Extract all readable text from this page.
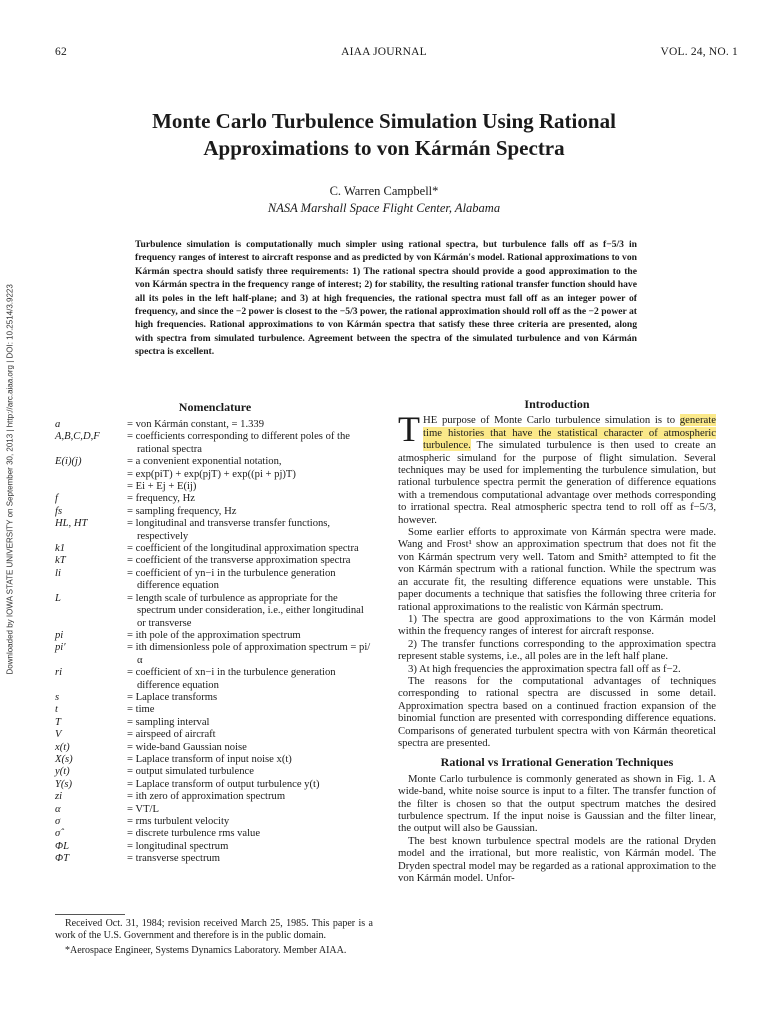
62	AIAA JOURNAL	VOL. 24, NO. 1
Monte Carlo Turbulence Simulation Using Rational
Approximations to von Kármán Spectra
C. Warren Campbell*
NASA Marshall Space Flight Center, Alabama
Turbulence simulation is computationally much simpler using rational spectra, but turbulence falls off as f−5/3 in frequency ranges of interest to aircraft response and as predicted by von Kármán's model. Rational approximations to von Kármán spectra should satisfy three requirements: 1) The rational spectra should provide a good approximation to the von Kármán spectra in the frequency range of interest; 2) for stability, the resulting rational transfer function should have all its poles in the left half-plane; and 3) at high frequencies, the rational spectra must fall off as an integer power of frequency, and since the −2 power is closest to the −5/3 power, the rational approximation should roll off as the −2 power at high frequencies. Rational approximations to von Kármán spectra that satisfy these three criteria are presented, along with spectra from simulated turbulence. Agreement between the spectra of the simulated turbulence and von Kármán spectra is excellent.
Downloaded by IOWA STATE UNIVERSITY on September 30, 2013 | http://arc.aiaa.org | DOI: 10.2514/3.9223	Nomenclature
a	= von Kármán constant, = 1.339
A,B,C,D,F	= coefficients corresponding to different poles of the rational spectra
E(i)(j)	= a convenient exponential notation,
= exp(piT) + exp(pjT) + exp((pi + pj)T)
= Ei + Ej + E(ij)
f	= frequency, Hz
fs	= sampling frequency, Hz
HL, HT	= longitudinal and transverse transfer functions, respectively
k1	= coefficient of the longitudinal approximation spectra
kT	= coefficient of the transverse approximation spectra
li	= coefficient of yn−i in the turbulence generation difference equation
L	= length scale of turbulence as appropriate for the spectrum under consideration, i.e., either longitudinal or transverse
pi	= ith pole of the approximation spectrum
pi′	= ith dimensionless pole of approximation spectrum = pi/α
ri	= coefficient of xn−i in the turbulence generation difference equation
s	= Laplace transforms
t	= time
T	= sampling interval
V	= airspeed of aircraft
x(t)	= wide-band Gaussian noise
X(s)	= Laplace transform of input noise x(t)
y(t)	= output simulated turbulence
Y(s)	= Laplace transform of output turbulence y(t)
zi	= ith zero of approximation spectrum
α	= VT/L
σ	= rms turbulent velocity
σ̂	= discrete turbulence rms value
ΦL	= longitudinal spectrum
ΦT	= transverse spectrum

Received Oct. 31, 1984; revision received March 25, 1985. This paper is a work of the U.S. Government and therefore is in the public domain.

*Aerospace Engineer, Systems Dynamics Laboratory. Member AIAA.

Introduction

THE purpose of Monte Carlo turbulence simulation is to generate time histories that have the statistical character of atmospheric turbulence. The simulated turbulence is then used to create an atmospheric simuland for the purpose of flight simulation. Several techniques may be used for implementing the turbulence simulation, but rational turbulence spectra permit the generation of difference equations with a tremendous computational advantage over methods corresponding to irrational spectra. Real atmospheric spectra tend to roll off as f−5/3, however.

Some earlier efforts to approximate von Kármán spectra were made. Wang and Frost¹ show an approximation spectrum that does not fit the von Kármán spectrum very well. Tatom and Smith² attempted to fit the von Kármán spectrum with a rational function. While the spectrum was an accurate fit, the resulting difference equations were unstable. This paper documents a technique that satisfies the following three criteria for rational approximations to the realistic von Kármán spectrum.

1) The spectra are good approximations to the von Kármán model within the frequency ranges of interest for aircraft response.

2) The transfer functions corresponding to the approximation spectra represent stable systems, i.e., all poles are in the left half plane.

3) At high frequencies the approximation spectra fall off as f−2.

The reasons for the computational advantages of techniques corresponding to rational spectra are discussed in some detail. Approximation spectra based on a continued fraction expansion of the binomial function are presented with corresponding difference equations. Comparisons of generated turbulent spectra with von Kármán theoretical spectra are presented.

Rational vs Irrational Generation Techniques

Monte Carlo turbulence is commonly generated as shown in Fig. 1. A wide-band, white noise source is input to a filter. The transfer function of the filter is chosen so that the output spectrum matches the desired turbulence spectrum. If the input noise is Gaussian and the filter linear, the output will also be Gaussian.

The best known turbulence spectral models are the rational Dryden model and the irrational, but more realistic, von Kármán model. The Dryden spectral model may be regarded as a rational approximation to the von Kármán model. Unfor-
